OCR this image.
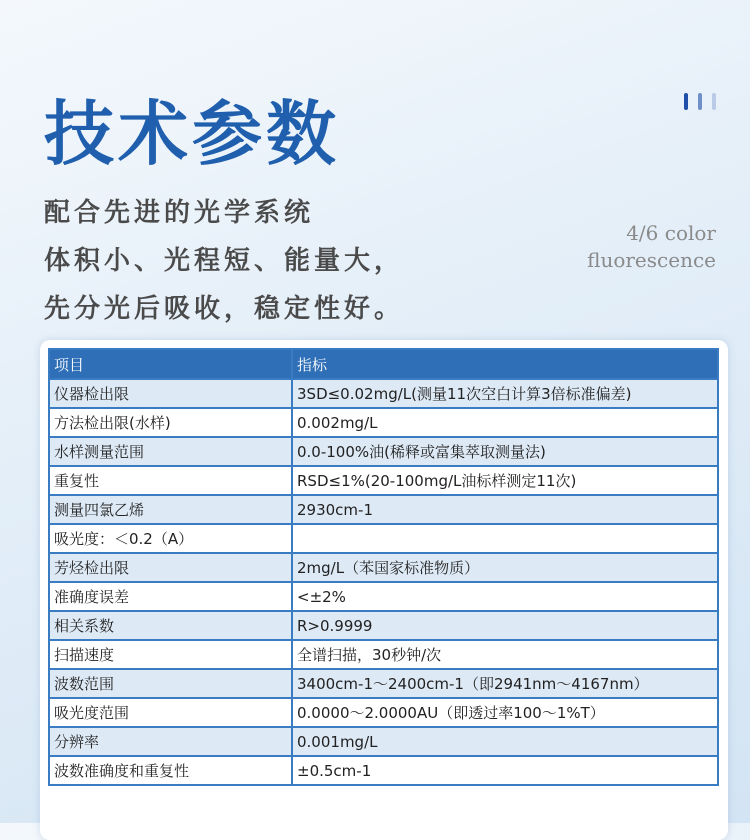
技术参数
配合先进的光学系统
体积小、光程短、能量大，
先分光后吸收，稳定性好。
4/6 color
fluorescence
项目	指标
仪器检出限	3SD≤0.02mg/L(测量11次空白计算3倍标准偏差)
方法检出限(水样)	0.002mg/L
水样测量范围	0.0-100%油(稀释或富集萃取测量法)
重复性	RSD≤1%(20-100mg/L油标样测定11次)
测量四氯乙烯	2930cm-1
吸光度：＜0.2（A）	
芳烃检出限	2mg/L（苯国家标准物质）
准确度误差	<±2%
相关系数	R>0.9999
扫描速度	全谱扫描，30秒钟/次
波数范围	3400cm-1～2400cm-1（即2941nm～4167nm）
吸光度范围	0.0000～2.0000AU（即透过率100～1%T）
分辨率	0.001mg/L
波数准确度和重复性	±0.5cm-1
